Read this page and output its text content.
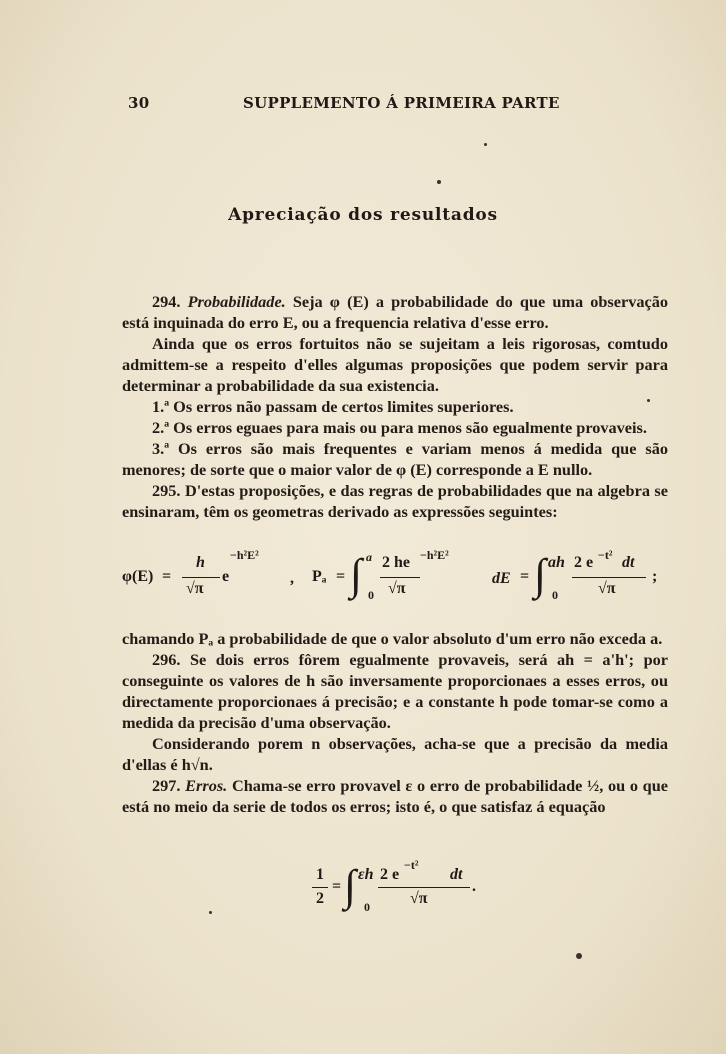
30	SUPPLEMENTO Á PRIMEIRA PARTE
Apreciação dos resultados

294. Probabilidade. Seja φ (E) a probabilidade do que uma observação está inquinada do erro E, ou a frequencia relativa d'esse erro.

Ainda que os erros fortuitos não se sujeitam a leis rigorosas, comtudo admittem-se a respeito d'elles algumas proposições que podem servir para determinar a probabilidade da sua existencia.

1.ª Os erros não passam de certos limites superiores.

2.ª Os erros eguaes para mais ou para menos são egualmente provaveis.

3.ª Os erros são mais frequentes e variam menos á medida que são menores; de sorte que o maior valor de φ (E) corresponde a E nullo.

295. D'estas proposições, e das regras de probabilidades que na algebra se ensinaram, têm os geometras derivado as expressões seguintes:

φ(E) =
h
√π
e
−h²E²
, Pₐ = ∫ a
0
2 he
√π
−h²E²
dE = ∫ ah
0
2 e −t² dt
√π
;

chamando Pₐ a probabilidade de que o valor absoluto d'um erro não exceda a.

296. Se dois erros fôrem egualmente provaveis, será ah = a'h'; por conseguinte os valores de h são inversamente proporcionaes a esses erros, ou directamente proporcionaes á precisão; e a constante h pode tomar-se como a medida da precisão d'uma observação.

Considerando porem n observações, acha-se que a precisão da media d'ellas é h√n.

297. Erros. Chama-se erro provavel ε o erro de probabilidade ½, ou o que está no meio da serie de todos os erros; isto é, o que satisfaz á equação

1
2
= ∫ εh
0
2 e
−t²
dt
√π
.
